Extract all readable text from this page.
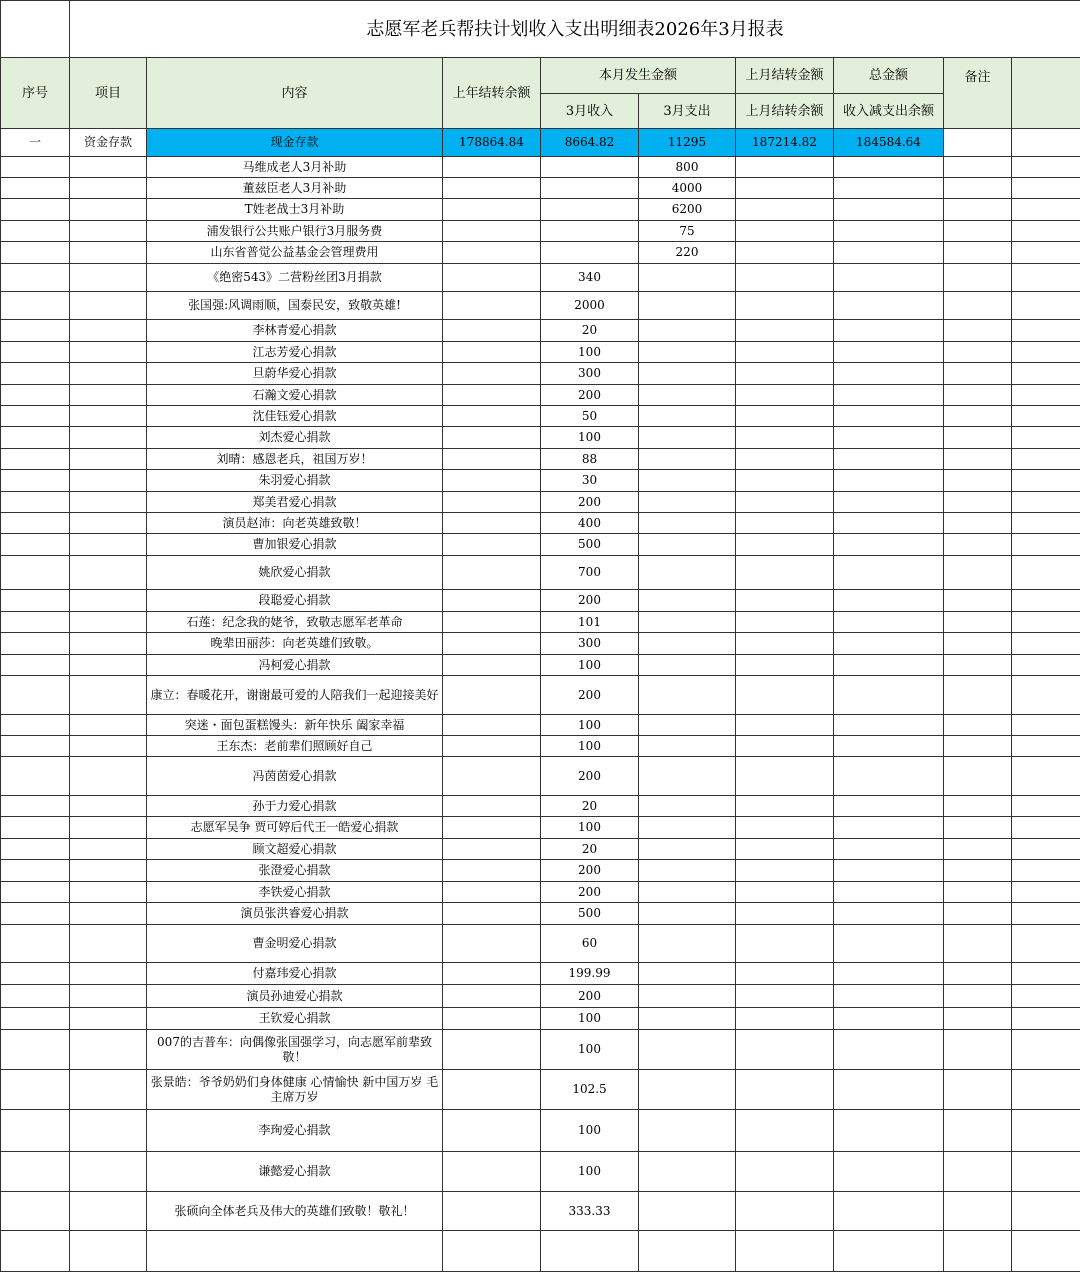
	志愿军老兵帮扶计划收入支出明细表2026年3月报表								
序号	项目	内容	上年结转余额	本月发生金额		上月结转金额	总金额	备注	
				3月收入	3月支出	上月结转余额	收入减支出余额		
一	资金存款	现金存款	178864.84	8664.82	11295	187214.82	184584.64		
		马维成老人3月补助			800				
		董兹臣老人3月补助			4000				
		T姓老战士3月补助			6200				
		浦发银行公共账户银行3月服务费			75				
		山东省普觉公益基金会管理费用			220				
		《绝密543》二营粉丝团3月捐款		340					
		张国强:风调雨顺，国泰民安，致敬英雄!		2000					
		李林青爱心捐款		20					
		江志芳爱心捐款		100					
		旦蔚华爱心捐款		300					
		石瀚文爱心捐款		200					
		沈佳钰爱心捐款		50					
		刘杰爱心捐款		100					
		刘晴：感恩老兵，祖国万岁！		88					
		朱羽爱心捐款		30					
		郑美君爱心捐款		200					
		演员赵沛：向老英雄致敬！		400					
		曹加银爱心捐款		500					
		姚欣爱心捐款		700					
		段聪爱心捐款		200					
		石莲：纪念我的姥爷，致敬志愿军老革命		101					
		晚辈田丽莎：向老英雄们致敬。		300					
		冯柯爱心捐款		100					
		康立：春暖花开，谢谢最可爱的人陪我们一起迎接美好		200					
		突迷・面包蛋糕馒头：新年快乐 阖家幸福		100					
		王东杰：老前辈们照顾好自己		100					
		冯茵茵爱心捐款		200					
		孙于力爱心捐款		20					
		志愿军吴争 贾可婷后代王一皓爱心捐款		100					
		顾文超爱心捐款		20					
		张澄爱心捐款		200					
		李铁爱心捐款		200					
		演员张洪睿爱心捐款		500					
		曹金明爱心捐款		60					
		付嘉玮爱心捐款		199.99					
		演员孙迪爱心捐款		200					
		王钦爱心捐款		100					
		007的吉普车：向偶像张国强学习，向志愿军前辈致敬！		100					
		张景皓：爷爷奶奶们身体健康 心情愉快 新中国万岁 毛主席万岁		102.5					
		李珣爱心捐款		100					
		谦懿爱心捐款		100					
		张硕向全体老兵及伟大的英雄们致敬！敬礼！		333.33					
